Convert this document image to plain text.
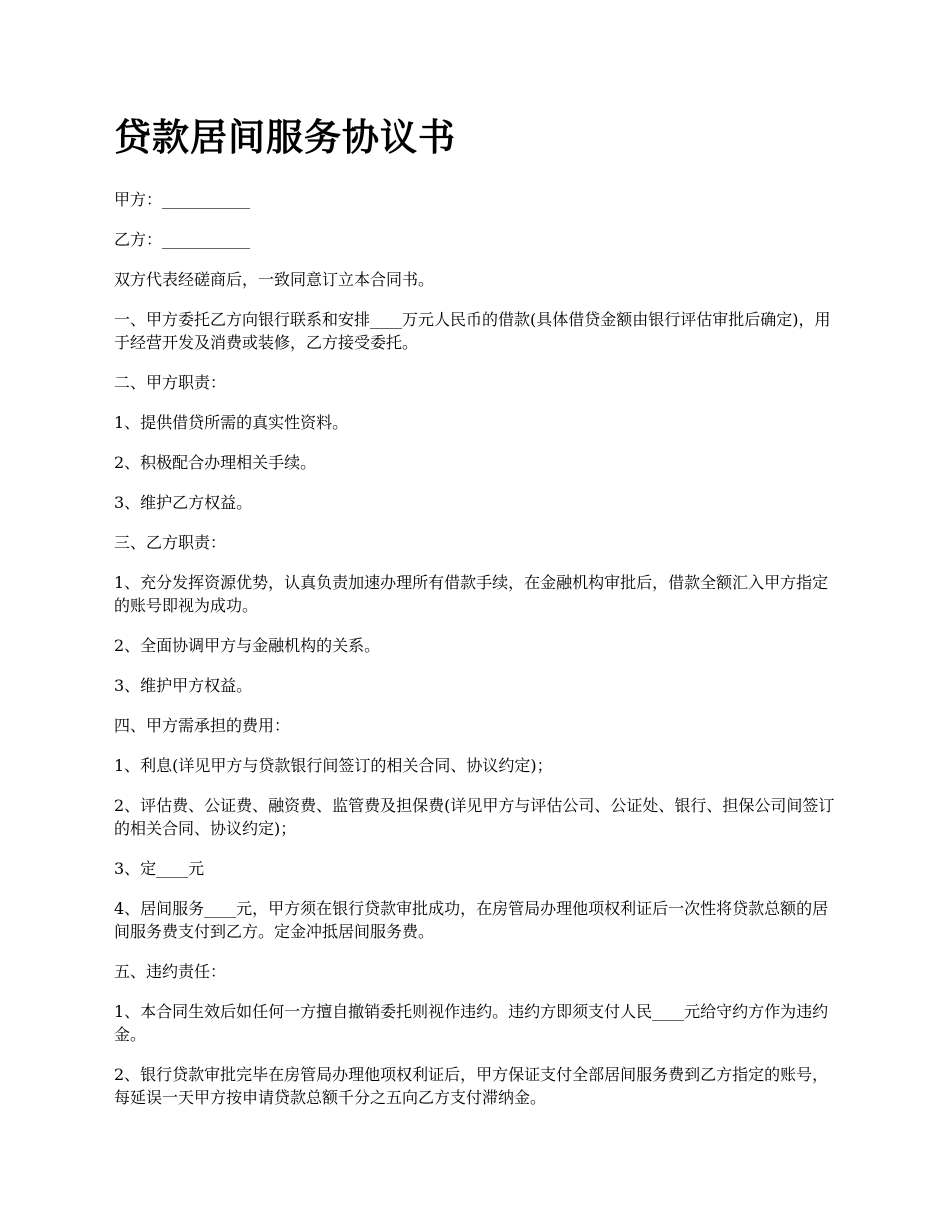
贷款居间服务协议书

甲方：___________

乙方：___________

双方代表经磋商后，一致同意订立本合同书。

一、甲方委托乙方向银行联系和安排____万元人民币的借款(具体借贷金额由银行评估审批后确定)，用于经营开发及消费或装修，乙方接受委托。

二、甲方职责：

1、提供借贷所需的真实性资料。

2、积极配合办理相关手续。

3、维护乙方权益。

三、乙方职责：

1、充分发挥资源优势，认真负责加速办理所有借款手续，在金融机构审批后，借款全额汇入甲方指定的账号即视为成功。

2、全面协调甲方与金融机构的关系。

3、维护甲方权益。

四、甲方需承担的费用：

1、利息(详见甲方与贷款银行间签订的相关合同、协议约定)；

2、评估费、公证费、融资费、监管费及担保费(详见甲方与评估公司、公证处、银行、担保公司间签订的相关合同、协议约定)；

3、定____元

4、居间服务____元，甲方须在银行贷款审批成功，在房管局办理他项权利证后一次性将贷款总额的居间服务费支付到乙方。定金冲抵居间服务费。

五、违约责任：

1、本合同生效后如任何一方擅自撤销委托则视作违约。违约方即须支付人民____元给守约方作为违约金。

2、银行贷款审批完毕在房管局办理他项权利证后，甲方保证支付全部居间服务费到乙方指定的账号，每延误一天甲方按申请贷款总额千分之五向乙方支付滞纳金。
